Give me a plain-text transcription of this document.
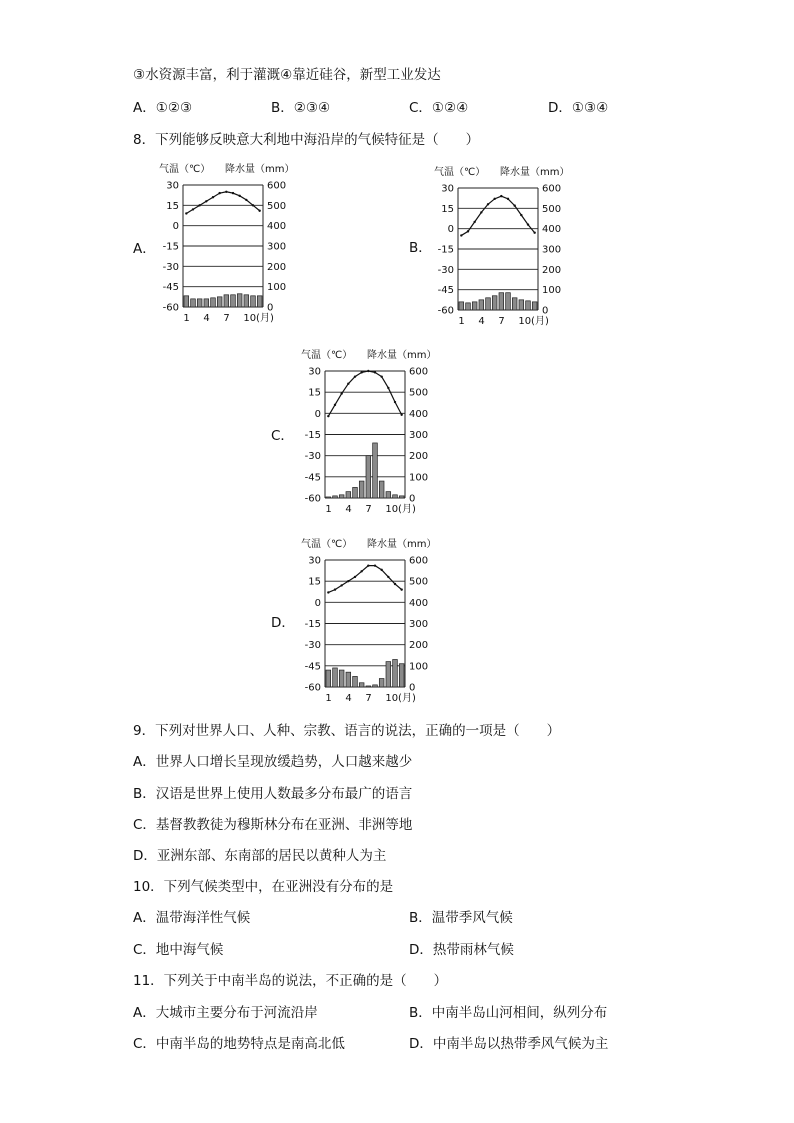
③水资源丰富，利于灌溉④靠近硅谷，新型工业发达
A．①②③	B．②③④	C．①②④	D．①③④
8．下列能够反映意大利地中海沿岸的气候特征是（　　）
A．	B．
C．
D．
气温（℃） 降水量（mm）
30	600
15	500
0	400
-15	300
-30	200
-45	100
-60	0
1 4 7 10(月)
气温（℃） 降水量（mm）
30	600
15	500
0	400
-15	300
-30	200
-45	100
-60	0
1 4 7 10(月)
气温（℃） 降水量（mm）
30	600
15	500
0	400
-15	300
-30	200
-45	100
-60	0
1 4 7 10(月)
气温（℃） 降水量（mm）
30	600
15	500
0	400
-15	300
-30	200
-45	100
-60	0
1 4 7 10(月)
9．下列对世界人口、人种、宗教、语言的说法，正确的一项是（　　）
A．世界人口增长呈现放缓趋势，人口越来越少
B．汉语是世界上使用人数最多分布最广的语言
C．基督教教徒为穆斯林分布在亚洲、非洲等地
D．亚洲东部、东南部的居民以黄种人为主
10．下列气候类型中，在亚洲没有分布的是
A．温带海洋性气候	B．温带季风气候
C．地中海气候	D．热带雨林气候
11．下列关于中南半岛的说法，不正确的是（　　）
A．大城市主要分布于河流沿岸	B．中南半岛山河相间，纵列分布
C．中南半岛的地势特点是南高北低	D．中南半岛以热带季风气候为主
